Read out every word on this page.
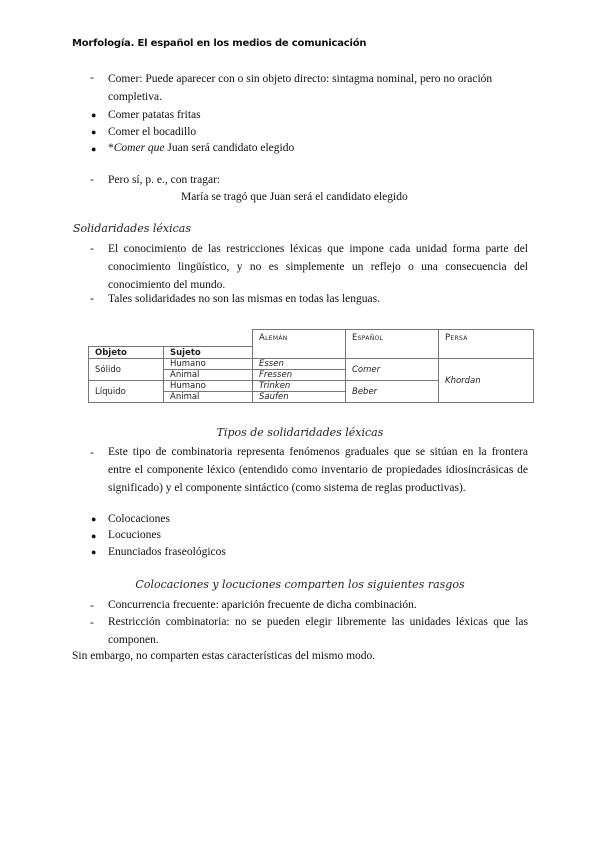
Morfología. El español en los medios de comunicación
-	Comer: Puede aparecer con o sin objeto directo: sintagma nominal, pero no oración
completiva.
●	Comer patatas fritas
●	Comer el bocadillo
●	*Comer que Juan será candidato elegido
-	Pero sí, p. e., con tragar:
María se tragó que Juan será el candidato elegido
Solidaridades léxicas
-	El conocimiento de las restricciones léxicas que impone cada unidad forma parte del conocimiento lingüístico, y no es simplemente un reflejo o una consecuencia del conocimiento del mundo.
-	Tales solidaridades no son las mismas en todas las lenguas.
		Alemán	Español	Persa
Objeto	Sujeto			
Sólido	Humano	Essen	Comer	Khordan
	Animal	Fressen		
Líquido	Humano	Trinken	Beber	
	Animal	Saufen		
Tipos de solidaridades léxicas
-	Este tipo de combinatoria representa fenómenos graduales que se sitúan en la frontera entre el componente léxico (entendido como inventario de propiedades idiosincrásicas de significado) y el componente sintáctico (como sistema de reglas productivas).
●	Colocaciones
●	Locuciones
●	Enunciados fraseológicos
Colocaciones y locuciones comparten los siguientes rasgos
-	Concurrencia frecuente: aparición frecuente de dicha combinación.
-	Restricción combinatoria: no se pueden elegir libremente las unidades léxicas que las componen.
Sin embargo, no comparten estas características del mismo modo.
